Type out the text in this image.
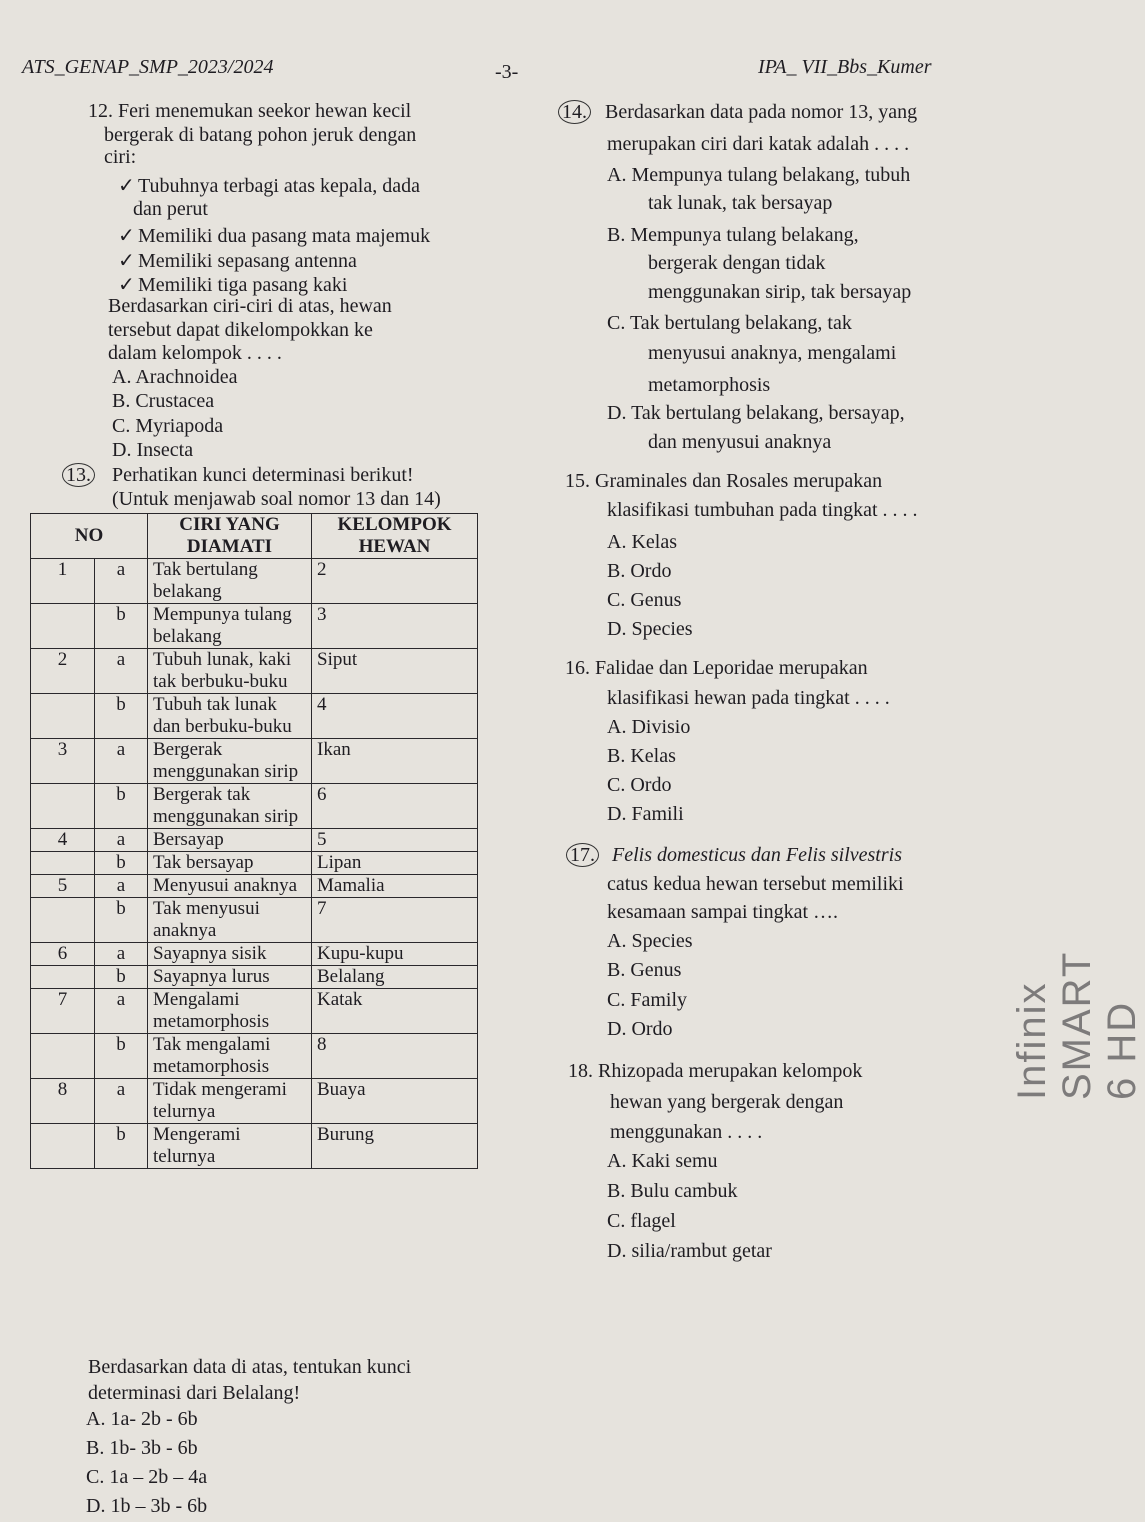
ATS_GENAP_SMP_2023/2024	-3-	IPA_ VII_Bbs_Kumer
12. Feri menemukan seekor hewan kecil
bergerak di batang pohon jeruk dengan
ciri:
✓ Tubuhnya terbagi atas kepala, dada
dan perut
✓ Memiliki dua pasang mata majemuk
✓ Memiliki sepasang antenna
✓ Memiliki tiga pasang kaki
Berdasarkan ciri-ciri di atas, hewan
tersebut dapat dikelompokkan ke
dalam kelompok . . . .
A. Arachnoidea
B. Crustacea
C. Myriapoda
D. Insecta
13. Perhatikan kunci determinasi berikut!
(Untuk menjawab soal nomor 13 dan 14)
NO		CIRI YANG DIAMATI	KELOMPOK HEWAN	
1	a	Tak bertulang belakang	2	
	b	Mempunya tulang belakang	3	
2	a	Tubuh lunak, kaki tak berbuku-buku	Siput	
	b	Tubuh tak lunak dan berbuku-buku	4	
3	a	Bergerak menggunakan sirip	Ikan	
	b	Bergerak tak menggunakan sirip	6	
4	a	Bersayap	5	
	b	Tak bersayap	Lipan	
5	a	Menyusui anaknya	Mamalia	
	b	Tak menyusui anaknya	7	
6	a	Sayapnya sisik	Kupu-kupu	
	b	Sayapnya lurus	Belalang	
7	a	Mengalami metamorphosis	Katak	
	b	Tak mengalami metamorphosis	8	
8	a	Tidak mengerami telurnya	Buaya	
	b	Mengerami telurnya	Burung	
Berdasarkan data di atas, tentukan kunci
determinasi dari Belalang!
A. 1a- 2b - 6b
B. 1b- 3b - 6b
C. 1a – 2b – 4a
D. 1b – 3b - 6b
14. Berdasarkan data pada nomor 13, yang
merupakan ciri dari katak adalah . . . .
A. Mempunya tulang belakang, tubuh
tak lunak, tak bersayap
B. Mempunya tulang belakang,
bergerak dengan tidak
menggunakan sirip, tak bersayap
C. Tak bertulang belakang, tak
menyusui anaknya, mengalami
metamorphosis
D. Tak bertulang belakang, bersayap,
dan menyusui anaknya
15. Graminales dan Rosales merupakan
klasifikasi tumbuhan pada tingkat . . . .
A. Kelas
B. Ordo
C. Genus
D. Species
16. Falidae dan Leporidae merupakan
klasifikasi hewan pada tingkat . . . .
A. Divisio
B. Kelas
C. Ordo
D. Famili
17. Felis domesticus dan Felis silvestris
catus kedua hewan tersebut memiliki
kesamaan sampai tingkat ….
A. Species
B. Genus
C. Family
D. Ordo
18. Rhizopada merupakan kelompok
hewan yang bergerak dengan
menggunakan . . . .
A. Kaki semu
B. Bulu cambuk
C. flagel
D. silia/rambut getar
Infinix SMART 6 HD
